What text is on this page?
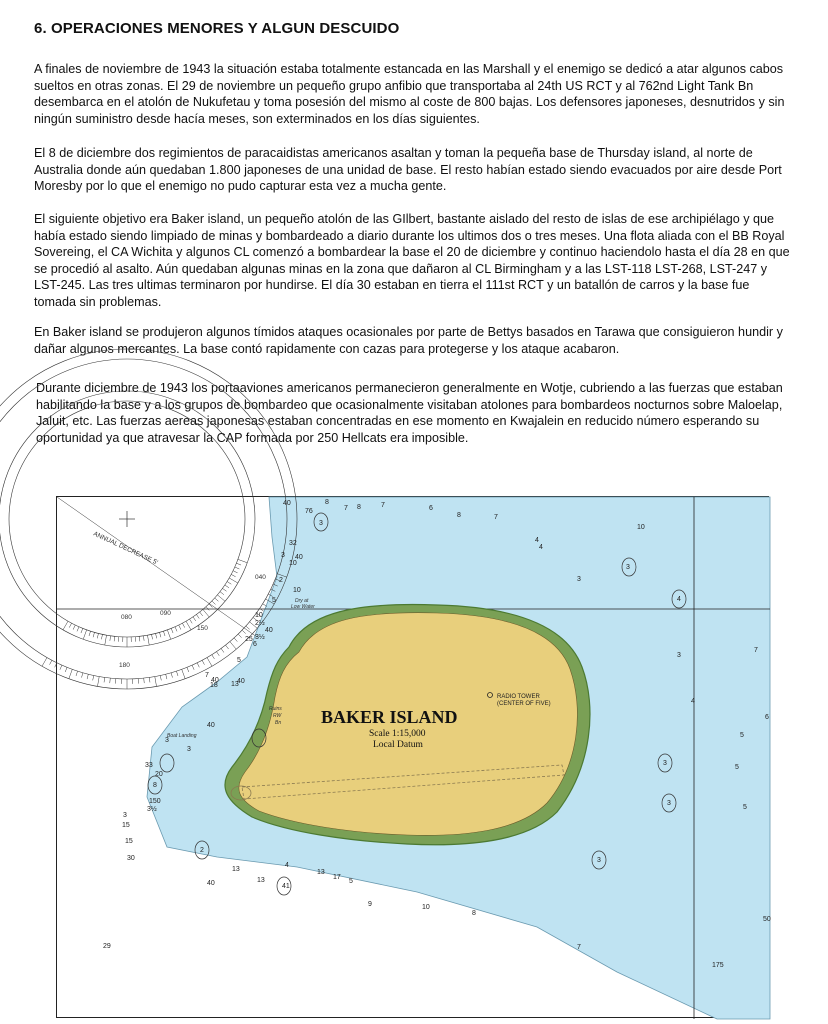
6. OPERACIONES MENORES Y ALGUN DESCUIDO

A finales de noviembre de 1943 la situación estaba totalmente estancada en las Marshall y el enemigo se dedicó a atar algunos cabos sueltos en otras zonas. El 29 de noviembre un pequeño grupo anfibio que transportaba al 24th US RCT y al 762nd Light Tank Bn desembarca en el atolón de Nukufetau y toma posesión del mismo al coste de 800 bajas. Los defensores japoneses, desnutridos y sin ningún suministro desde hacía meses, son exterminados en los días siguientes.

El 8 de diciembre dos regimientos de paracaidistas americanos asaltan y toman la pequeña base de Thursday island, al norte de Australia donde aún quedaban 1.800 japoneses de una unidad de base. El resto habían estado siendo evacuados por aire desde Port Moresby por lo que el enemigo no pudo capturar esta vez a mucha gente.

El siguiente objetivo era Baker island, un pequeño atolón de las GIlbert, bastante aislado del resto de islas de ese archipiélago y que había estado siendo limpiado de minas y bombardeado a diario durante los ultimos dos o tres meses. Una flota aliada con el BB Royal Sovereing, el CA Wichita y algunos CL comenzó a bombardear la base el 20 de diciembre y continuo haciendolo hasta el día 28 en que se procedió al asalto. Aún quedaban algunas minas en la zona que dañaron al CL Birmingham y a las LST-118 LST-268, LST-247 y LST-245. Las tres ultimas terminaron por hundirse. El día 30 estaban en tierra el 111st RCT y un batallón de carros y la base fue tomada sin problemas.

En Baker island se produjeron algunos tímidos ataques ocasionales por parte de Bettys basados en Tarawa que consiguieron hundir y dañar algunos mercantes. La base contó rapidamente con cazas para protegerse y los ataque acabaron.

Durante diciembre de 1943 los portaaviones americanos permanecieron generalmente en Wotje, cubriendo a las fuerzas que estaban habilitando la base y a los grupos de bombardeo que ocasionalmente visitaban atolones para bombardeos nocturnos sobre Maloelap, Jaluit, etc. Las fuerzas aereas japonesas estaban concentradas en ese momento en Kwajalein en reducido número esperando su oportunidad ya que atravesar la CAP formada por 250 Hellcats era imposible.

ANNUAL DECREASE 5'
080
090
150
180
040
BAKER ISLAND
Scale 1:15,000
Local Datum
RADIO TOWER
(CENTER OF FIVE)
Dry at
Low Water
Boat Landing
Ruins
RW
Bn
40
76
3
8
7 8	7	6
8	7
10
4
4
3
3
4
3
7
4
6
5
5
5
3
3
3
7
50
175
10
8
9
5
17
4
13
41
13
13
40
30
29
33
150
3
15
15
3½
8
20
2
3
40
3
18 13
40
5
40
3½
6
7
40
25
2½
10
10
3 40
32
10
2
5
